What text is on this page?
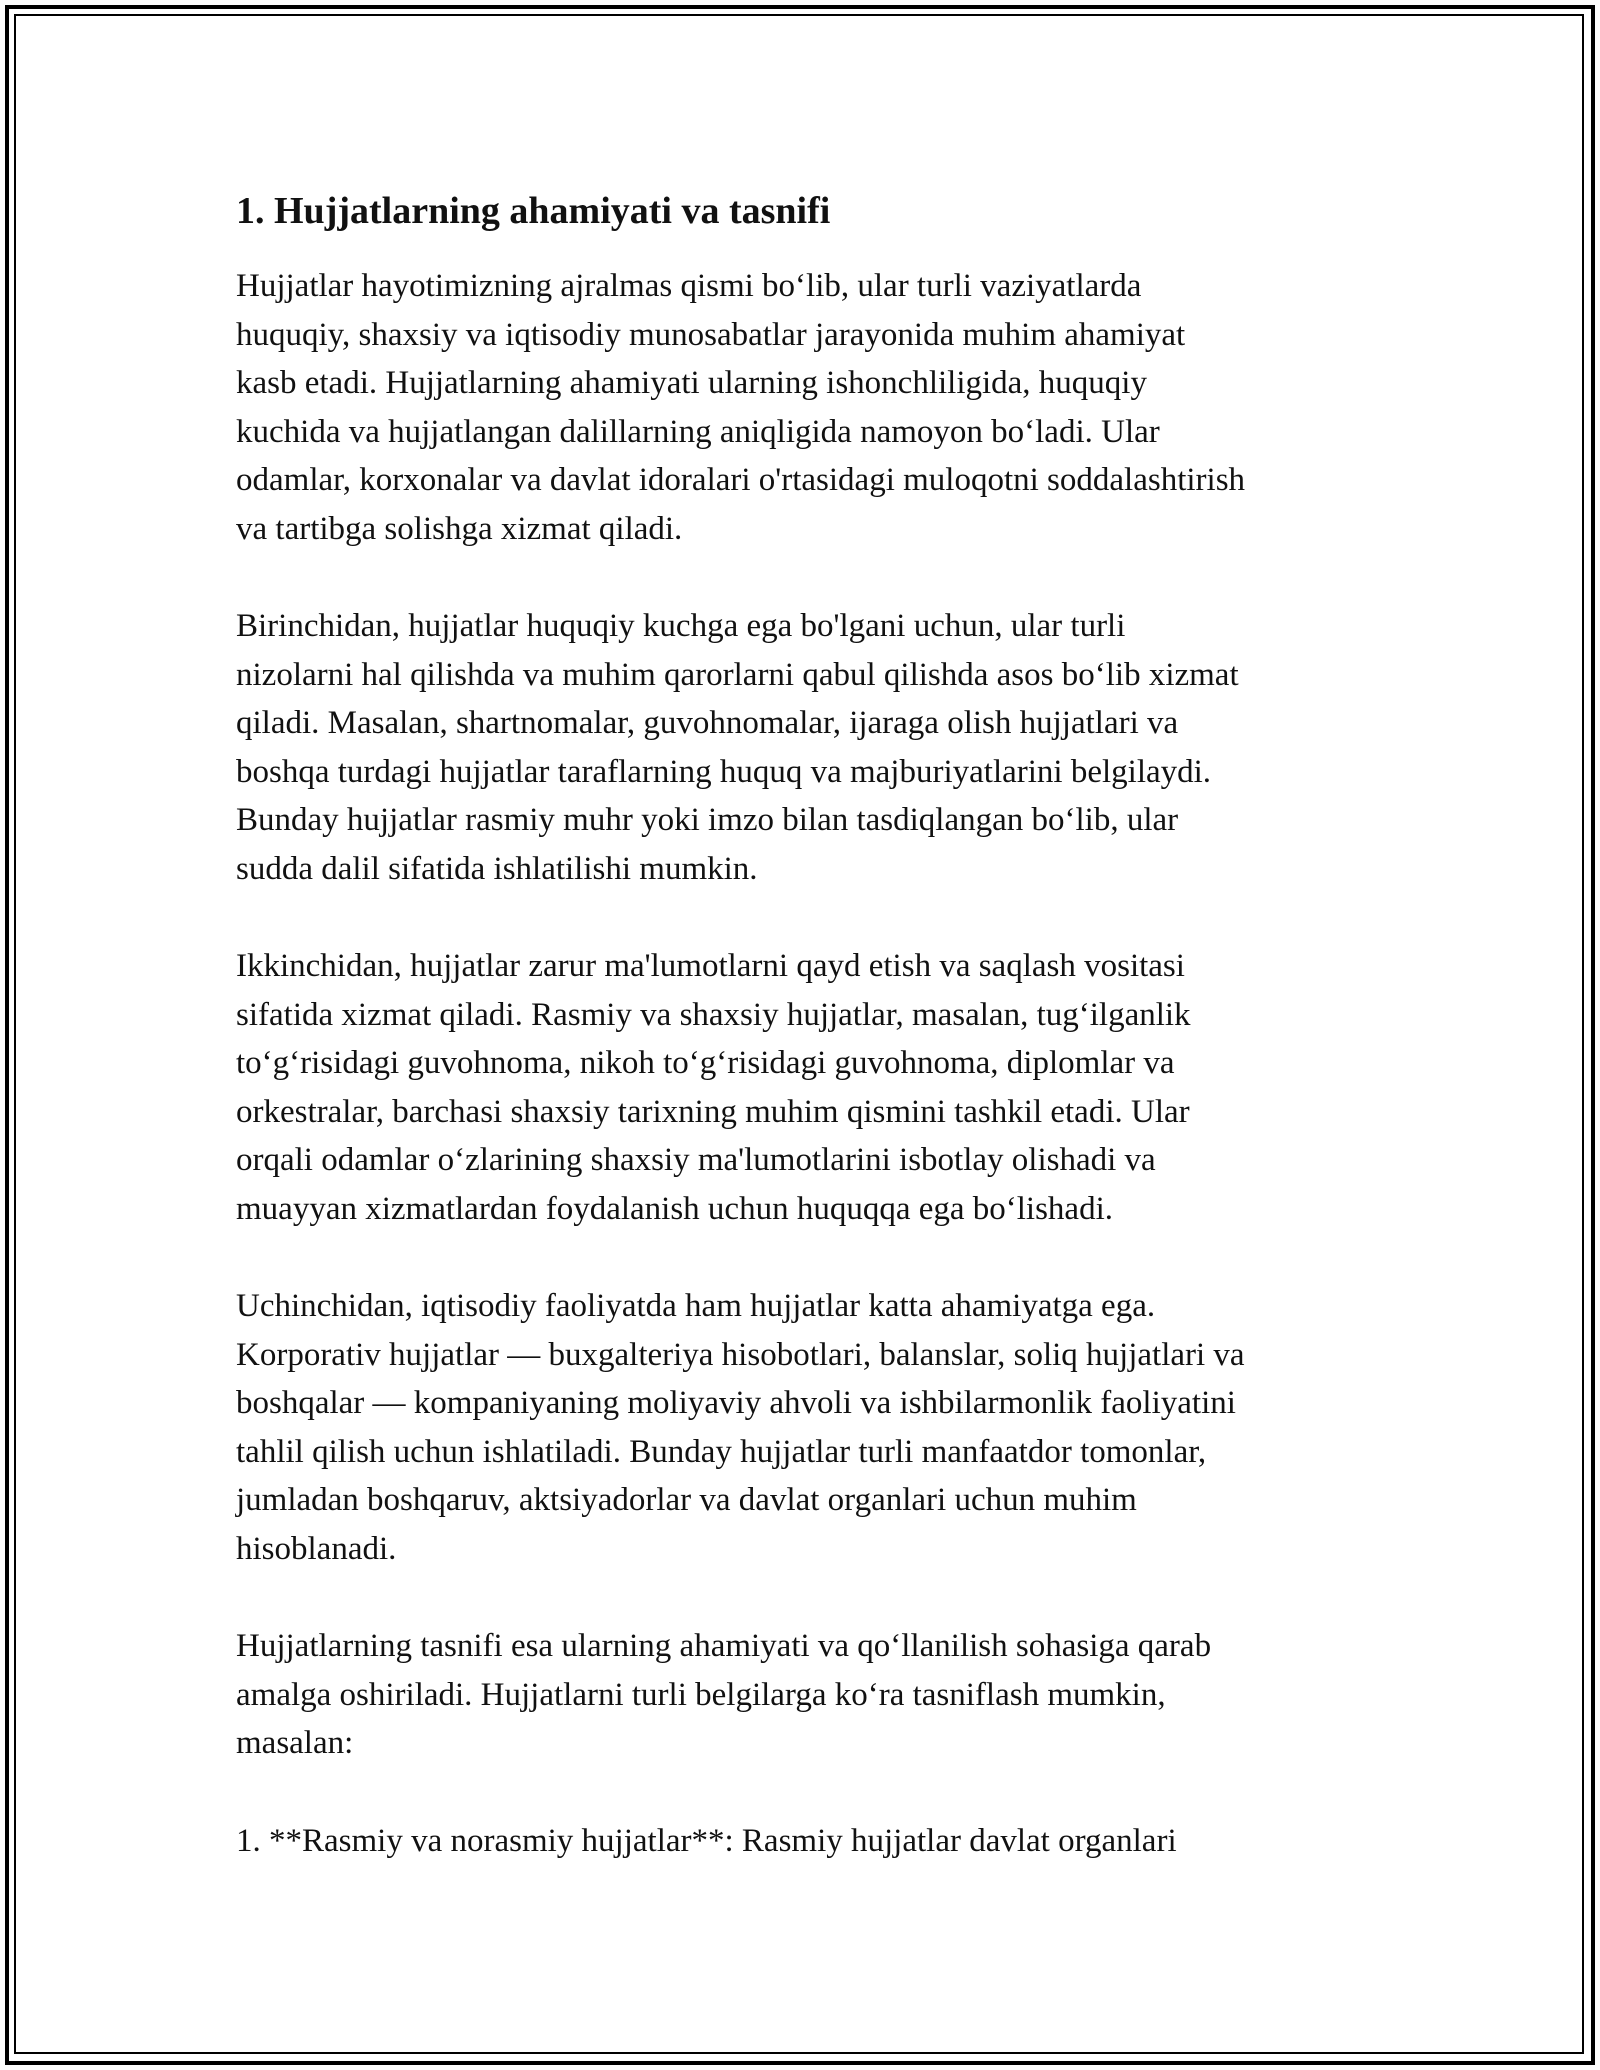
1. Hujjatlarning ahamiyati va tasnifi

Hujjatlar hayotimizning ajralmas qismi bo‘lib, ular turli vaziyatlarda
huquqiy, shaxsiy va iqtisodiy munosabatlar jarayonida muhim ahamiyat
kasb etadi. Hujjatlarning ahamiyati ularning ishonchliligida, huquqiy
kuchida va hujjatlangan dalillarning aniqligida namoyon bo‘ladi. Ular
odamlar, korxonalar va davlat idoralari o'rtasidagi muloqotni soddalashtirish
va tartibga solishga xizmat qiladi.

Birinchidan, hujjatlar huquqiy kuchga ega bo'lgani uchun, ular turli
nizolarni hal qilishda va muhim qarorlarni qabul qilishda asos bo‘lib xizmat
qiladi. Masalan, shartnomalar, guvohnomalar, ijaraga olish hujjatlari va
boshqa turdagi hujjatlar taraflarning huquq va majburiyatlarini belgilaydi.
Bunday hujjatlar rasmiy muhr yoki imzo bilan tasdiqlangan bo‘lib, ular
sudda dalil sifatida ishlatilishi mumkin.

Ikkinchidan, hujjatlar zarur ma'lumotlarni qayd etish va saqlash vositasi
sifatida xizmat qiladi. Rasmiy va shaxsiy hujjatlar, masalan, tug‘ilganlik
to‘g‘risidagi guvohnoma, nikoh to‘g‘risidagi guvohnoma, diplomlar va
orkestralar, barchasi shaxsiy tarixning muhim qismini tashkil etadi. Ular
orqali odamlar o‘zlarining shaxsiy ma'lumotlarini isbotlay olishadi va
muayyan xizmatlardan foydalanish uchun huquqqa ega bo‘lishadi.

Uchinchidan, iqtisodiy faoliyatda ham hujjatlar katta ahamiyatga ega.
Korporativ hujjatlar — buxgalteriya hisobotlari, balanslar, soliq hujjatlari va
boshqalar — kompaniyaning moliyaviy ahvoli va ishbilarmonlik faoliyatini
tahlil qilish uchun ishlatiladi. Bunday hujjatlar turli manfaatdor tomonlar,
jumladan boshqaruv, aktsiyadorlar va davlat organlari uchun muhim
hisoblanadi.

Hujjatlarning tasnifi esa ularning ahamiyati va qo‘llanilish sohasiga qarab
amalga oshiriladi. Hujjatlarni turli belgilarga ko‘ra tasniflash mumkin,
masalan:

1. **Rasmiy va norasmiy hujjatlar**: Rasmiy hujjatlar davlat organlari
